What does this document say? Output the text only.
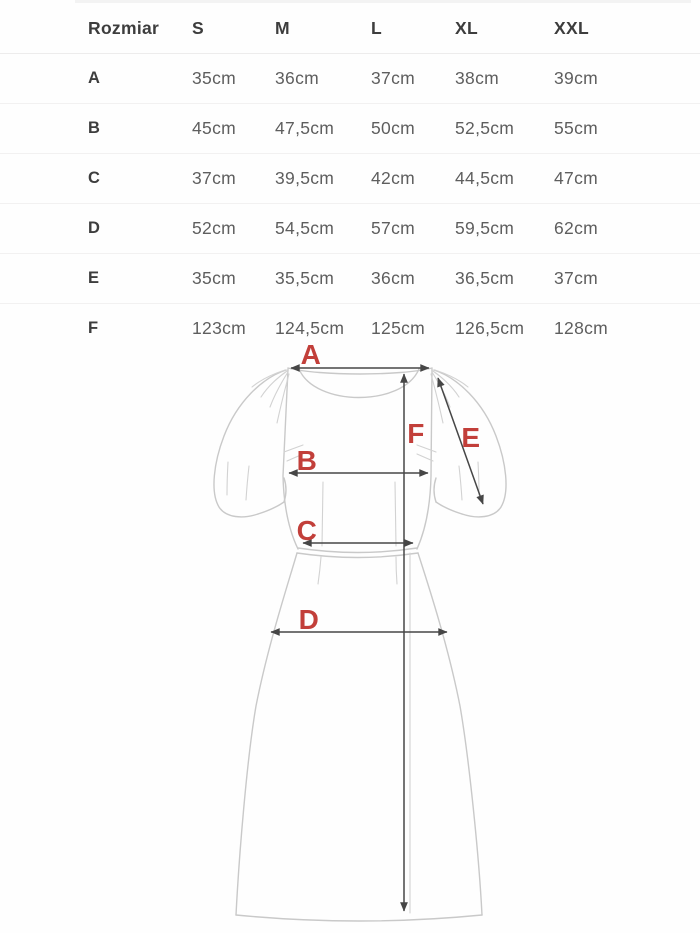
Rozmiar	S	M	L	XL	XXL
A	35cm	36cm	37cm	38cm	39cm
B	45cm	47,5cm	50cm	52,5cm	55cm
C	37cm	39,5cm	42cm	44,5cm	47cm
D	52cm	54,5cm	57cm	59,5cm	62cm
E	35cm	35,5cm	36cm	36,5cm	37cm
F	123cm	124,5cm	125cm	126,5cm	128cm
A
B
C
D
E
F
